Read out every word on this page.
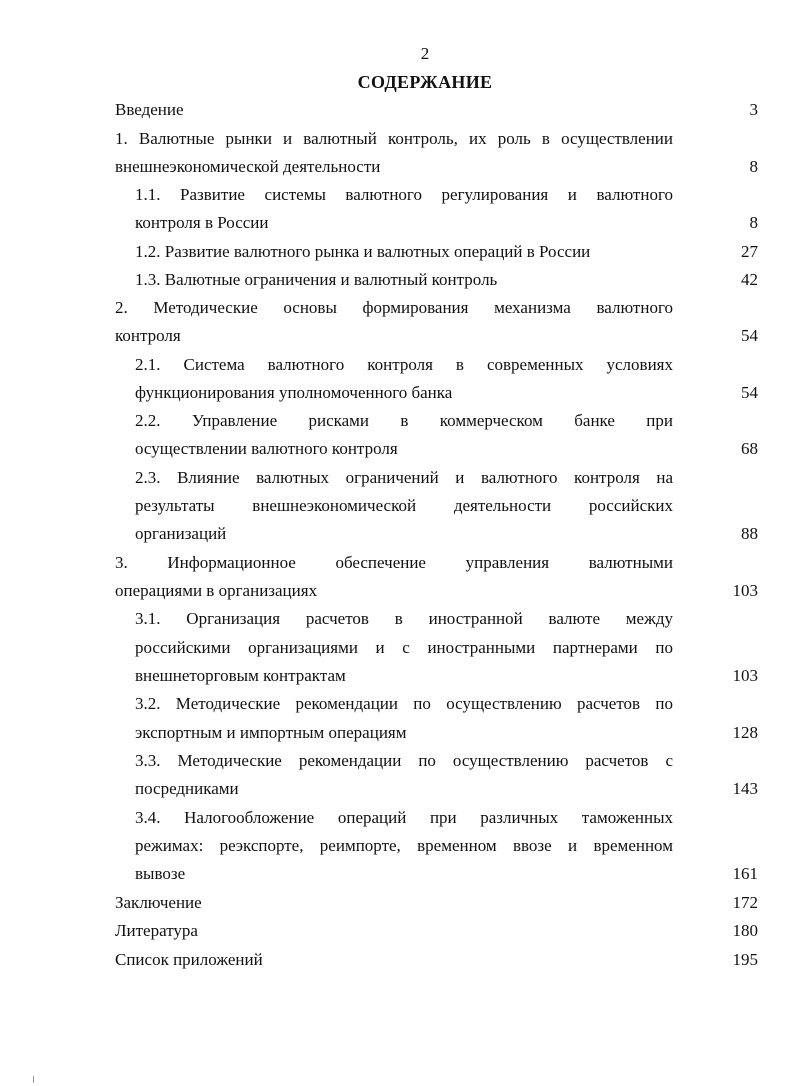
2
СОДЕРЖАНИЕ
Введение	3
1. Валютные рынки и валютный контроль, их роль в осуществлении
внешнеэкономической деятельности	8
1.1. Развитие системы валютного регулирования и валютного
контроля в России	8
1.2. Развитие валютного рынка и валютных операций в России	27
1.3. Валютные ограничения и валютный контроль	42
2. Методические основы формирования механизма валютного
контроля	54
2.1. Система валютного контроля в современных условиях
функционирования уполномоченного банка	54
2.2. Управление рисками в коммерческом банке при
осуществлении валютного контроля	68
2.3. Влияние валютных ограничений и валютного контроля на
результаты внешнеэкономической деятельности российских
организаций	88
3. Информационное обеспечение управления валютными
операциями в организациях	103
3.1. Организация расчетов в иностранной валюте между
российскими организациями и с иностранными партнерами по
внешнеторговым контрактам	103
3.2. Методические рекомендации по осуществлению расчетов по
экспортным и импортным операциям	128
3.3. Методические рекомендации по осуществлению расчетов с
посредниками	143
3.4. Налогообложение операций при различных таможенных
режимах: реэкспорте, реимпорте, временном ввозе и временном
вывозе	161
Заключение	172
Литература	180
Список приложений	195
